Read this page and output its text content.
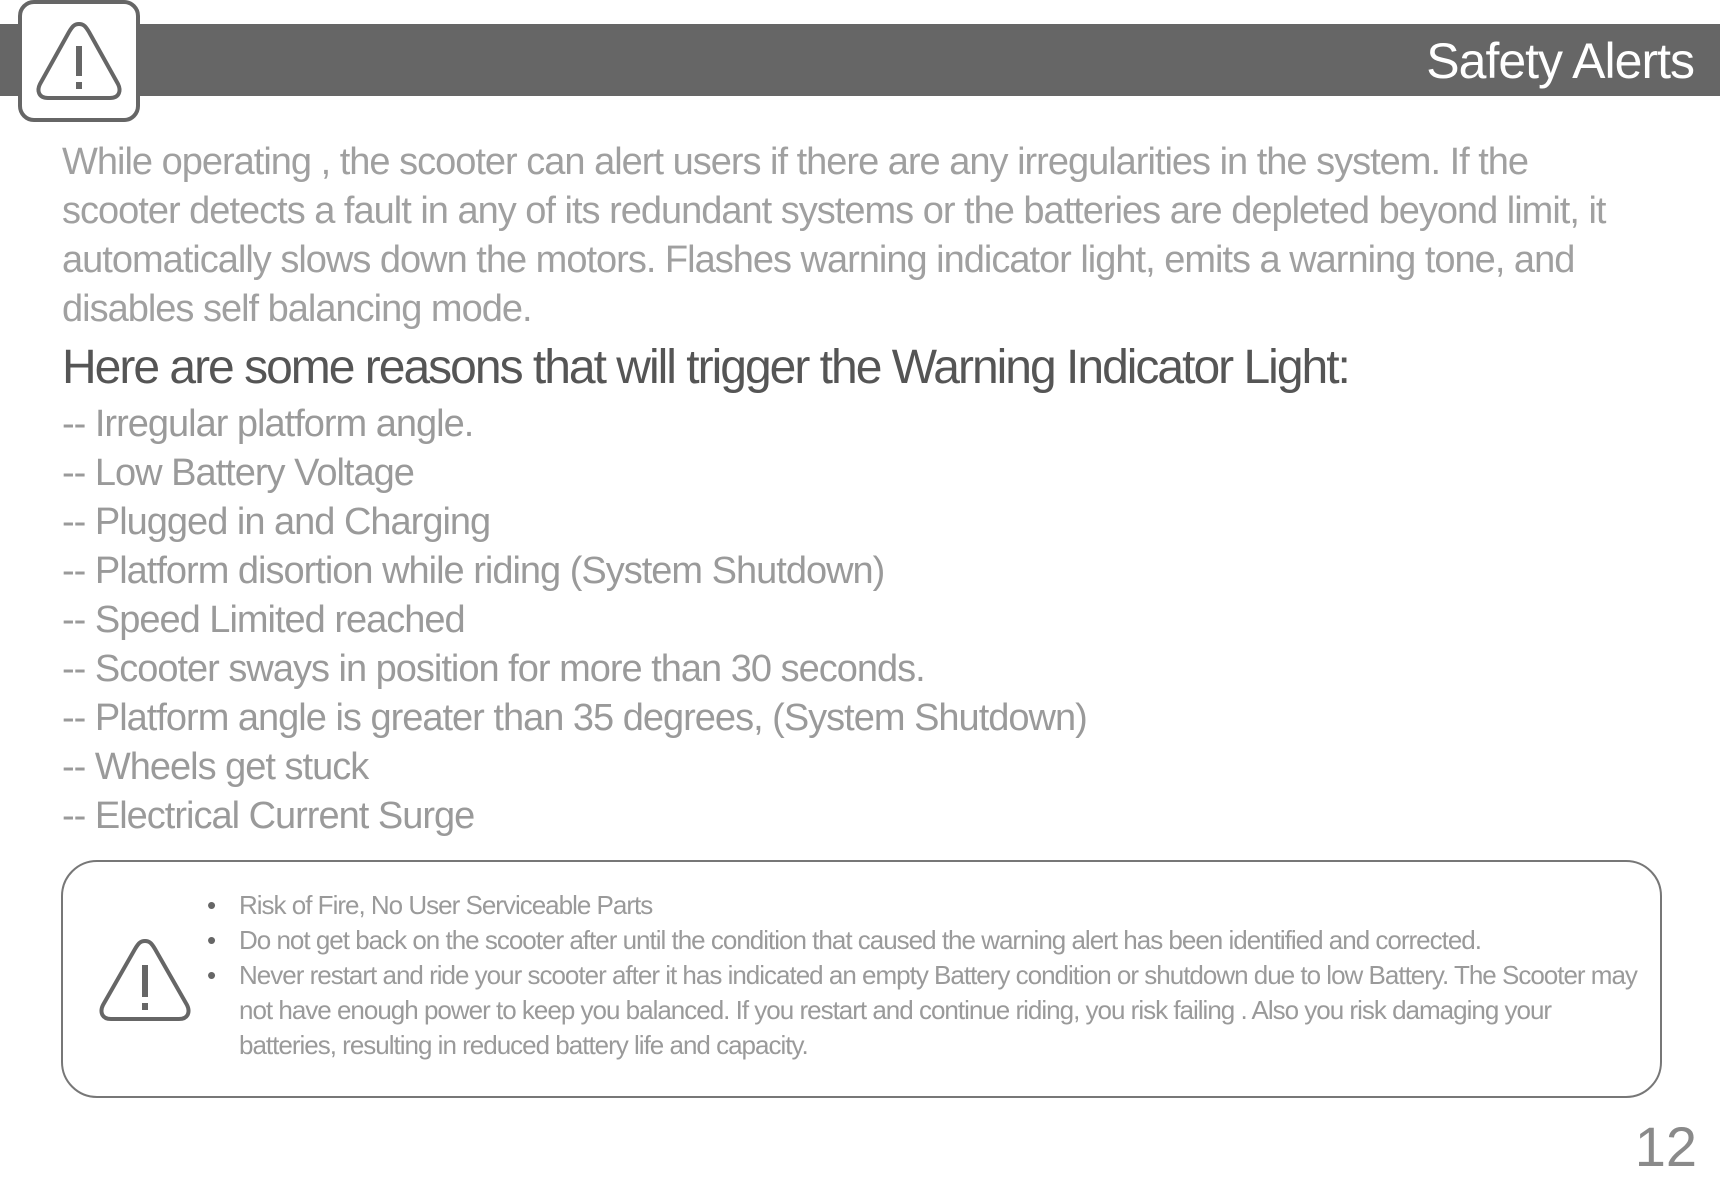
Safety Alerts

While operating , the scooter can alert users if there are any irregularities in the system. If the scooter detects a fault in any of its redundant systems or the batteries are depleted beyond limit, it automatically slows down the motors. Flashes warning indicator light, emits a warning tone, and disables self balancing mode.

Here are some reasons that will trigger the Warning Indicator Light:
-- Irregular platform angle.
-- Low Battery Voltage
-- Plugged in and Charging
-- Platform disortion while riding (System Shutdown)
-- Speed Limited reached
-- Scooter sways in position for more than 30 seconds.
-- Platform angle is greater than 35 degrees, (System Shutdown)
-- Wheels get stuck
-- Electrical Current Surge
• Risk of Fire, No User Serviceable Parts
• Do not get back on the scooter after until the condition that caused the warning alert has been identified and corrected.
• Never restart and ride your scooter after it has indicated an empty Battery condition or shutdown due to low Battery. The Scooter may not have enough power to keep you balanced. If you restart and continue riding, you risk failing . Also you risk damaging your batteries, resulting in reduced battery life and capacity.
12
